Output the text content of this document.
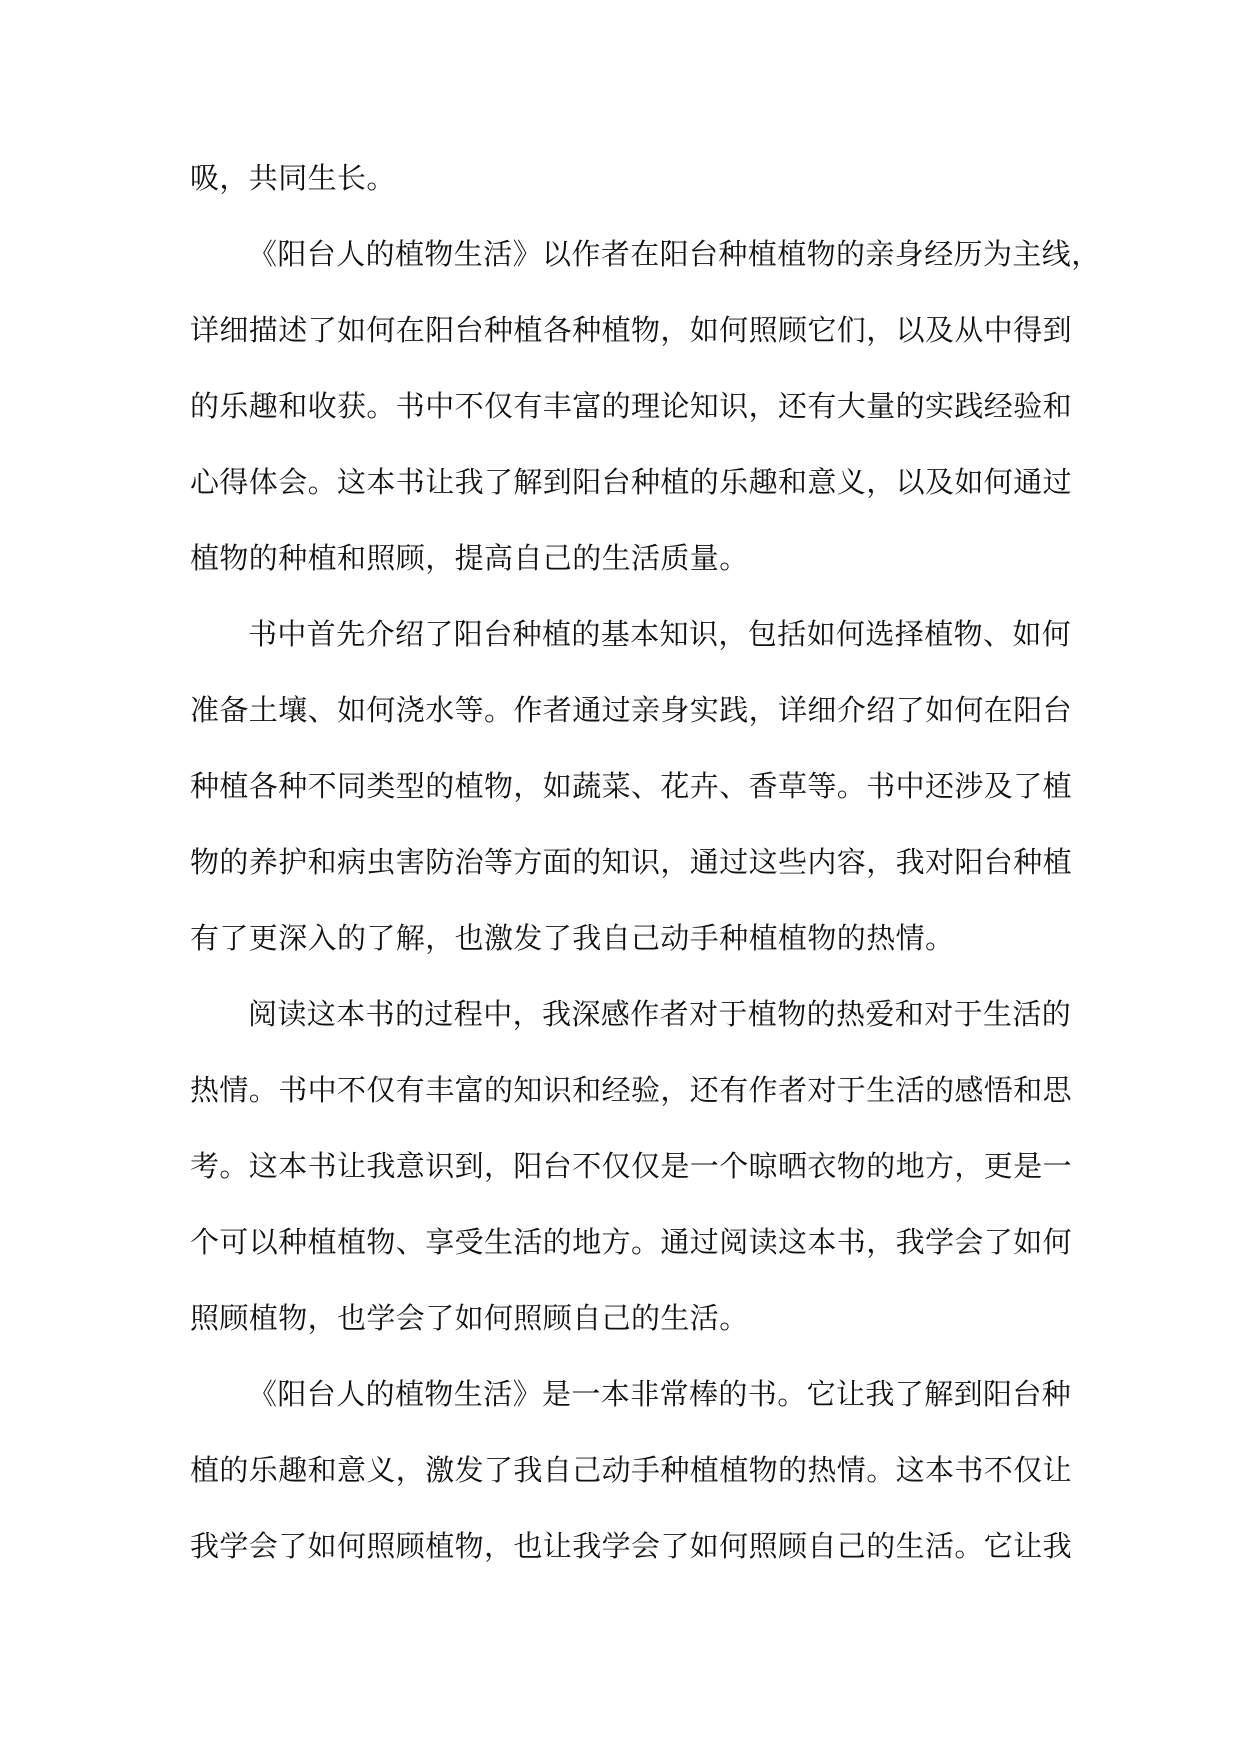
吸，共同生长。
《阳台人的植物生活》以作者在阳台种植植物的亲身经历为主线，
详细描述了如何在阳台种植各种植物，如何照顾它们，以及从中得到
的乐趣和收获。书中不仅有丰富的理论知识，还有大量的实践经验和
心得体会。这本书让我了解到阳台种植的乐趣和意义，以及如何通过
植物的种植和照顾，提高自己的生活质量。
书中首先介绍了阳台种植的基本知识，包括如何选择植物、如何
准备土壤、如何浇水等。作者通过亲身实践，详细介绍了如何在阳台
种植各种不同类型的植物，如蔬菜、花卉、香草等。书中还涉及了植
物的养护和病虫害防治等方面的知识，通过这些内容，我对阳台种植
有了更深入的了解，也激发了我自己动手种植植物的热情。
阅读这本书的过程中，我深感作者对于植物的热爱和对于生活的
热情。书中不仅有丰富的知识和经验，还有作者对于生活的感悟和思
考。这本书让我意识到，阳台不仅仅是一个晾晒衣物的地方，更是一
个可以种植植物、享受生活的地方。通过阅读这本书，我学会了如何
照顾植物，也学会了如何照顾自己的生活。
《阳台人的植物生活》是一本非常棒的书。它让我了解到阳台种
植的乐趣和意义，激发了我自己动手种植植物的热情。这本书不仅让
我学会了如何照顾植物，也让我学会了如何照顾自己的生活。它让我
